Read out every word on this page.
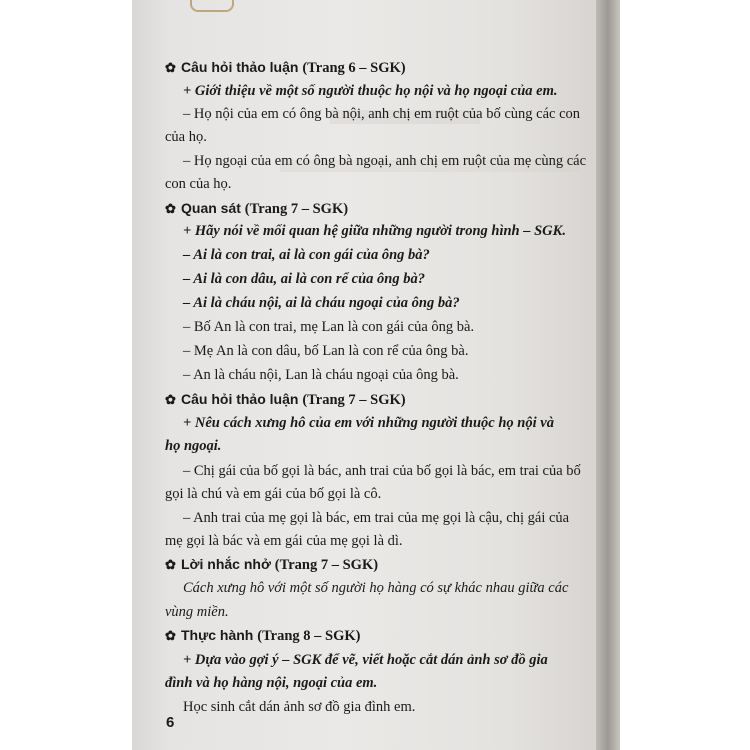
✿ Câu hỏi thảo luận (Trang 6 – SGK)
+ Giới thiệu về một số người thuộc họ nội và họ ngoại của em.
– Họ nội của em có ông bà nội, anh chị em ruột của bố cùng các con
của họ.
– Họ ngoại của em có ông bà ngoại, anh chị em ruột của mẹ cùng các
con của họ.
✿ Quan sát (Trang 7 – SGK)
+ Hãy nói về mối quan hệ giữa những người trong hình – SGK.
– Ai là con trai, ai là con gái của ông bà?
– Ai là con dâu, ai là con rể của ông bà?
– Ai là cháu nội, ai là cháu ngoại của ông bà?
– Bố An là con trai, mẹ Lan là con gái của ông bà.
– Mẹ An là con dâu, bố Lan là con rể của ông bà.
– An là cháu nội, Lan là cháu ngoại của ông bà.
✿ Câu hỏi thảo luận (Trang 7 – SGK)
+ Nêu cách xưng hô của em với những người thuộc họ nội và
họ ngoại.
– Chị gái của bố gọi là bác, anh trai của bố gọi là bác, em trai của bố
gọi là chú và em gái của bố gọi là cô.
– Anh trai của mẹ gọi là bác, em trai của mẹ gọi là cậu, chị gái của
mẹ gọi là bác và em gái của mẹ gọi là dì.
✿ Lời nhắc nhở (Trang 7 – SGK)
Cách xưng hô với một số người họ hàng có sự khác nhau giữa các
vùng miền.
✿ Thực hành (Trang 8 – SGK)
+ Dựa vào gợi ý – SGK để vẽ, viết hoặc cắt dán ảnh sơ đồ gia
đình và họ hàng nội, ngoại của em.
Học sinh cắt dán ảnh sơ đồ gia đình em.
6
